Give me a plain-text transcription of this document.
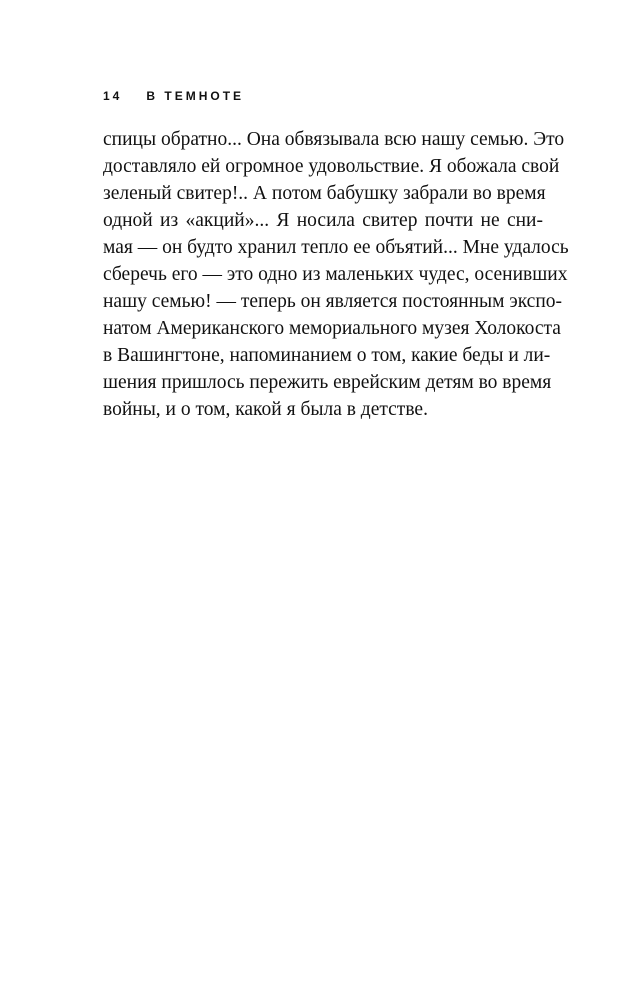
14 В ТЕМНОТЕ
спицы обратно... Она обвязывала всю нашу семью. Это
доставляло ей огромное удовольствие. Я обожала свой
зеленый свитер!.. А потом бабушку забрали во время
одной из «акций»... Я носила свитер почти не сни-
мая — он будто хранил тепло ее объятий... Мне удалось
сберечь его — это одно из маленьких чудес, осенивших
нашу семью! — теперь он является постоянным экспо-
натом Американского мемориального музея Холокоста
в Вашингтоне, напоминанием о том, какие беды и ли-
шения пришлось пережить еврейским детям во время
войны, и о том, какой я была в детстве.
